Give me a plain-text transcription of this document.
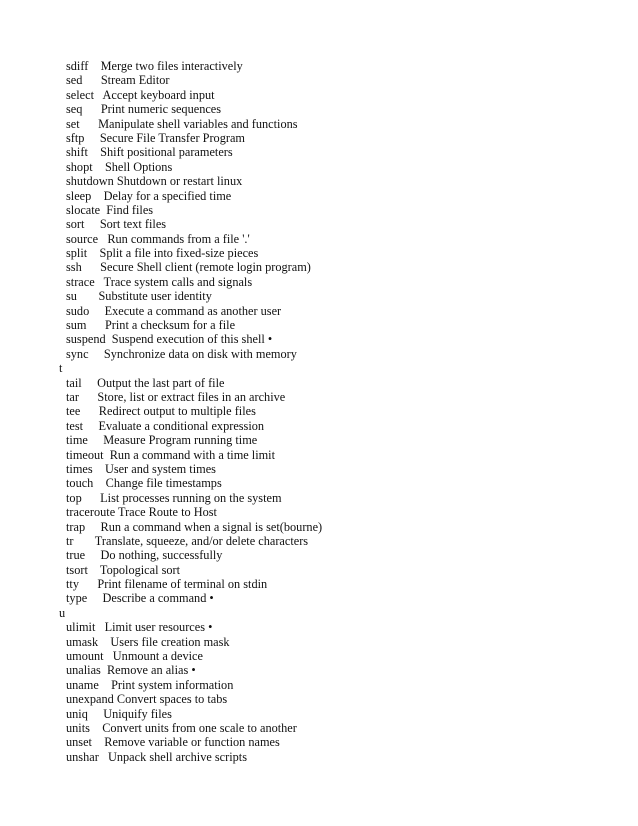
sdiff    Merge two files interactively
sed      Stream Editor
select   Accept keyboard input
seq      Print numeric sequences
set      Manipulate shell variables and functions
sftp     Secure File Transfer Program
shift    Shift positional parameters
shopt    Shell Options
shutdown Shutdown or restart linux
sleep    Delay for a specified time
slocate  Find files
sort     Sort text files
source   Run commands from a file '.'
split    Split a file into fixed-size pieces
ssh      Secure Shell client (remote login program)
strace   Trace system calls and signals
su       Substitute user identity
sudo     Execute a command as another user
sum      Print a checksum for a file
suspend  Suspend execution of this shell •
sync     Synchronize data on disk with memory
t
tail     Output the last part of file
tar      Store, list or extract files in an archive
tee      Redirect output to multiple files
test     Evaluate a conditional expression
time     Measure Program running time
timeout  Run a command with a time limit
times    User and system times
touch    Change file timestamps
top      List processes running on the system
traceroute Trace Route to Host
trap     Run a command when a signal is set(bourne)
tr       Translate, squeeze, and/or delete characters
true     Do nothing, successfully
tsort    Topological sort
tty      Print filename of terminal on stdin
type     Describe a command •
u
ulimit   Limit user resources •
umask    Users file creation mask
umount   Unmount a device
unalias  Remove an alias •
uname    Print system information
unexpand Convert spaces to tabs
uniq     Uniquify files
units    Convert units from one scale to another
unset    Remove variable or function names
unshar   Unpack shell archive scripts
